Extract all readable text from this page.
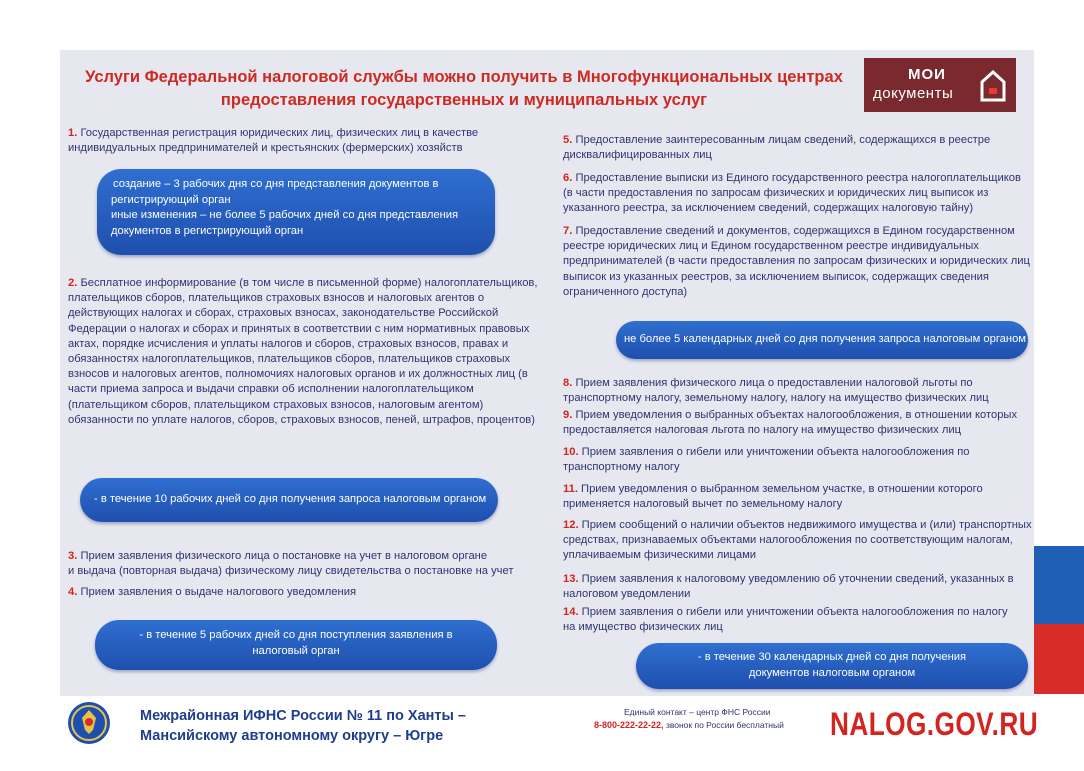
Услуги Федеральной налоговой службы можно получить в Многофункциональных центрах
предоставления государственных и муниципальных услуг
МОИ
документы
1. Государственная регистрация юридических лиц, физических лиц в качестве
индивидуальных предпринимателей и крестьянских (фермерских) хозяйств
создание – 3 рабочих дня со дня представления документов в
регистрирующий орган
иные изменения – не более 5 рабочих дней со дня представления
документов в регистрирующий орган
2. Бесплатное информирование (в том числе в письменной форме) налогоплательщиков,
плательщиков сборов, плательщиков страховых взносов и налоговых агентов о
действующих налогах и сборах, страховых взносах, законодательстве Российской
Федерации о налогах и сборах и принятых в соответствии с ним нормативных правовых
актах, порядке исчисления и уплаты налогов и сборов, страховых взносов, правах и
обязанностях налогоплательщиков, плательщиков сборов, плательщиков страховых
взносов и налоговых агентов, полномочиях налоговых органов и их должностных лиц (в
части приема запроса и выдачи справки об исполнении налогоплательщиком
(плательщиком сборов, плательщиком страховых взносов, налоговым агентом)
обязанности по уплате налогов, сборов, страховых взносов, пеней, штрафов, процентов)
- в течение 10 рабочих дней со дня получения запроса налоговым органом
3. Прием заявления физического лица о постановке на учет в налоговом органе
и выдача (повторная выдача) физическому лицу свидетельства о постановке на учет
4. Прием заявления о выдаче налогового уведомления
- в течение 5 рабочих дней со дня поступления заявления в
налоговый орган
5. Предоставление заинтересованным лицам сведений, содержащихся в реестре
дисквалифицированных лиц
6. Предоставление выписки из Единого государственного реестра налогоплательщиков
(в части предоставления по запросам физических и юридических лиц выписок из
указанного реестра, за исключением сведений, содержащих налоговую тайну)
7. Предоставление сведений и документов, содержащихся в Едином государственном
реестре юридических лиц и Едином государственном реестре индивидуальных
предпринимателей (в части предоставления по запросам физических и юридических лиц
выписок из указанных реестров, за исключением выписок, содержащих сведения
ограниченного доступа)
не более 5 календарных дней со дня получения запроса налоговым органом
8. Прием заявления физического лица о предоставлении налоговой льготы по
транспортному налогу, земельному налогу, налогу на имущество физических лиц
9. Прием уведомления о выбранных объектах налогообложения, в отношении которых
предоставляется налоговая льгота по налогу на имущество физических лиц
10. Прием заявления о гибели или уничтожении объекта налогообложения по
транспортному налогу
11. Прием уведомления о выбранном земельном участке, в отношении которого
применяется налоговый вычет по земельному налогу
12. Прием сообщений о наличии объектов недвижимого имущества и (или) транспортных
средствах, признаваемых объектами налогообложения по соответствующим налогам,
уплачиваемым физическими лицами
13. Прием заявления к налоговому уведомлению об уточнении сведений, указанных в
налоговом уведомлении
14. Прием заявления о гибели или уничтожении объекта налогообложения по налогу
на имущество физических лиц
- в течение 30 календарных дней со дня получения
документов налоговым органом
Межрайонная ИФНС России № 11 по Ханты –
Мансийскому автономному округу – Югре
Единый контакт – центр ФНС России
8-800-222-22-22, звонок по России бесплатный NALOG.GOV.RU
